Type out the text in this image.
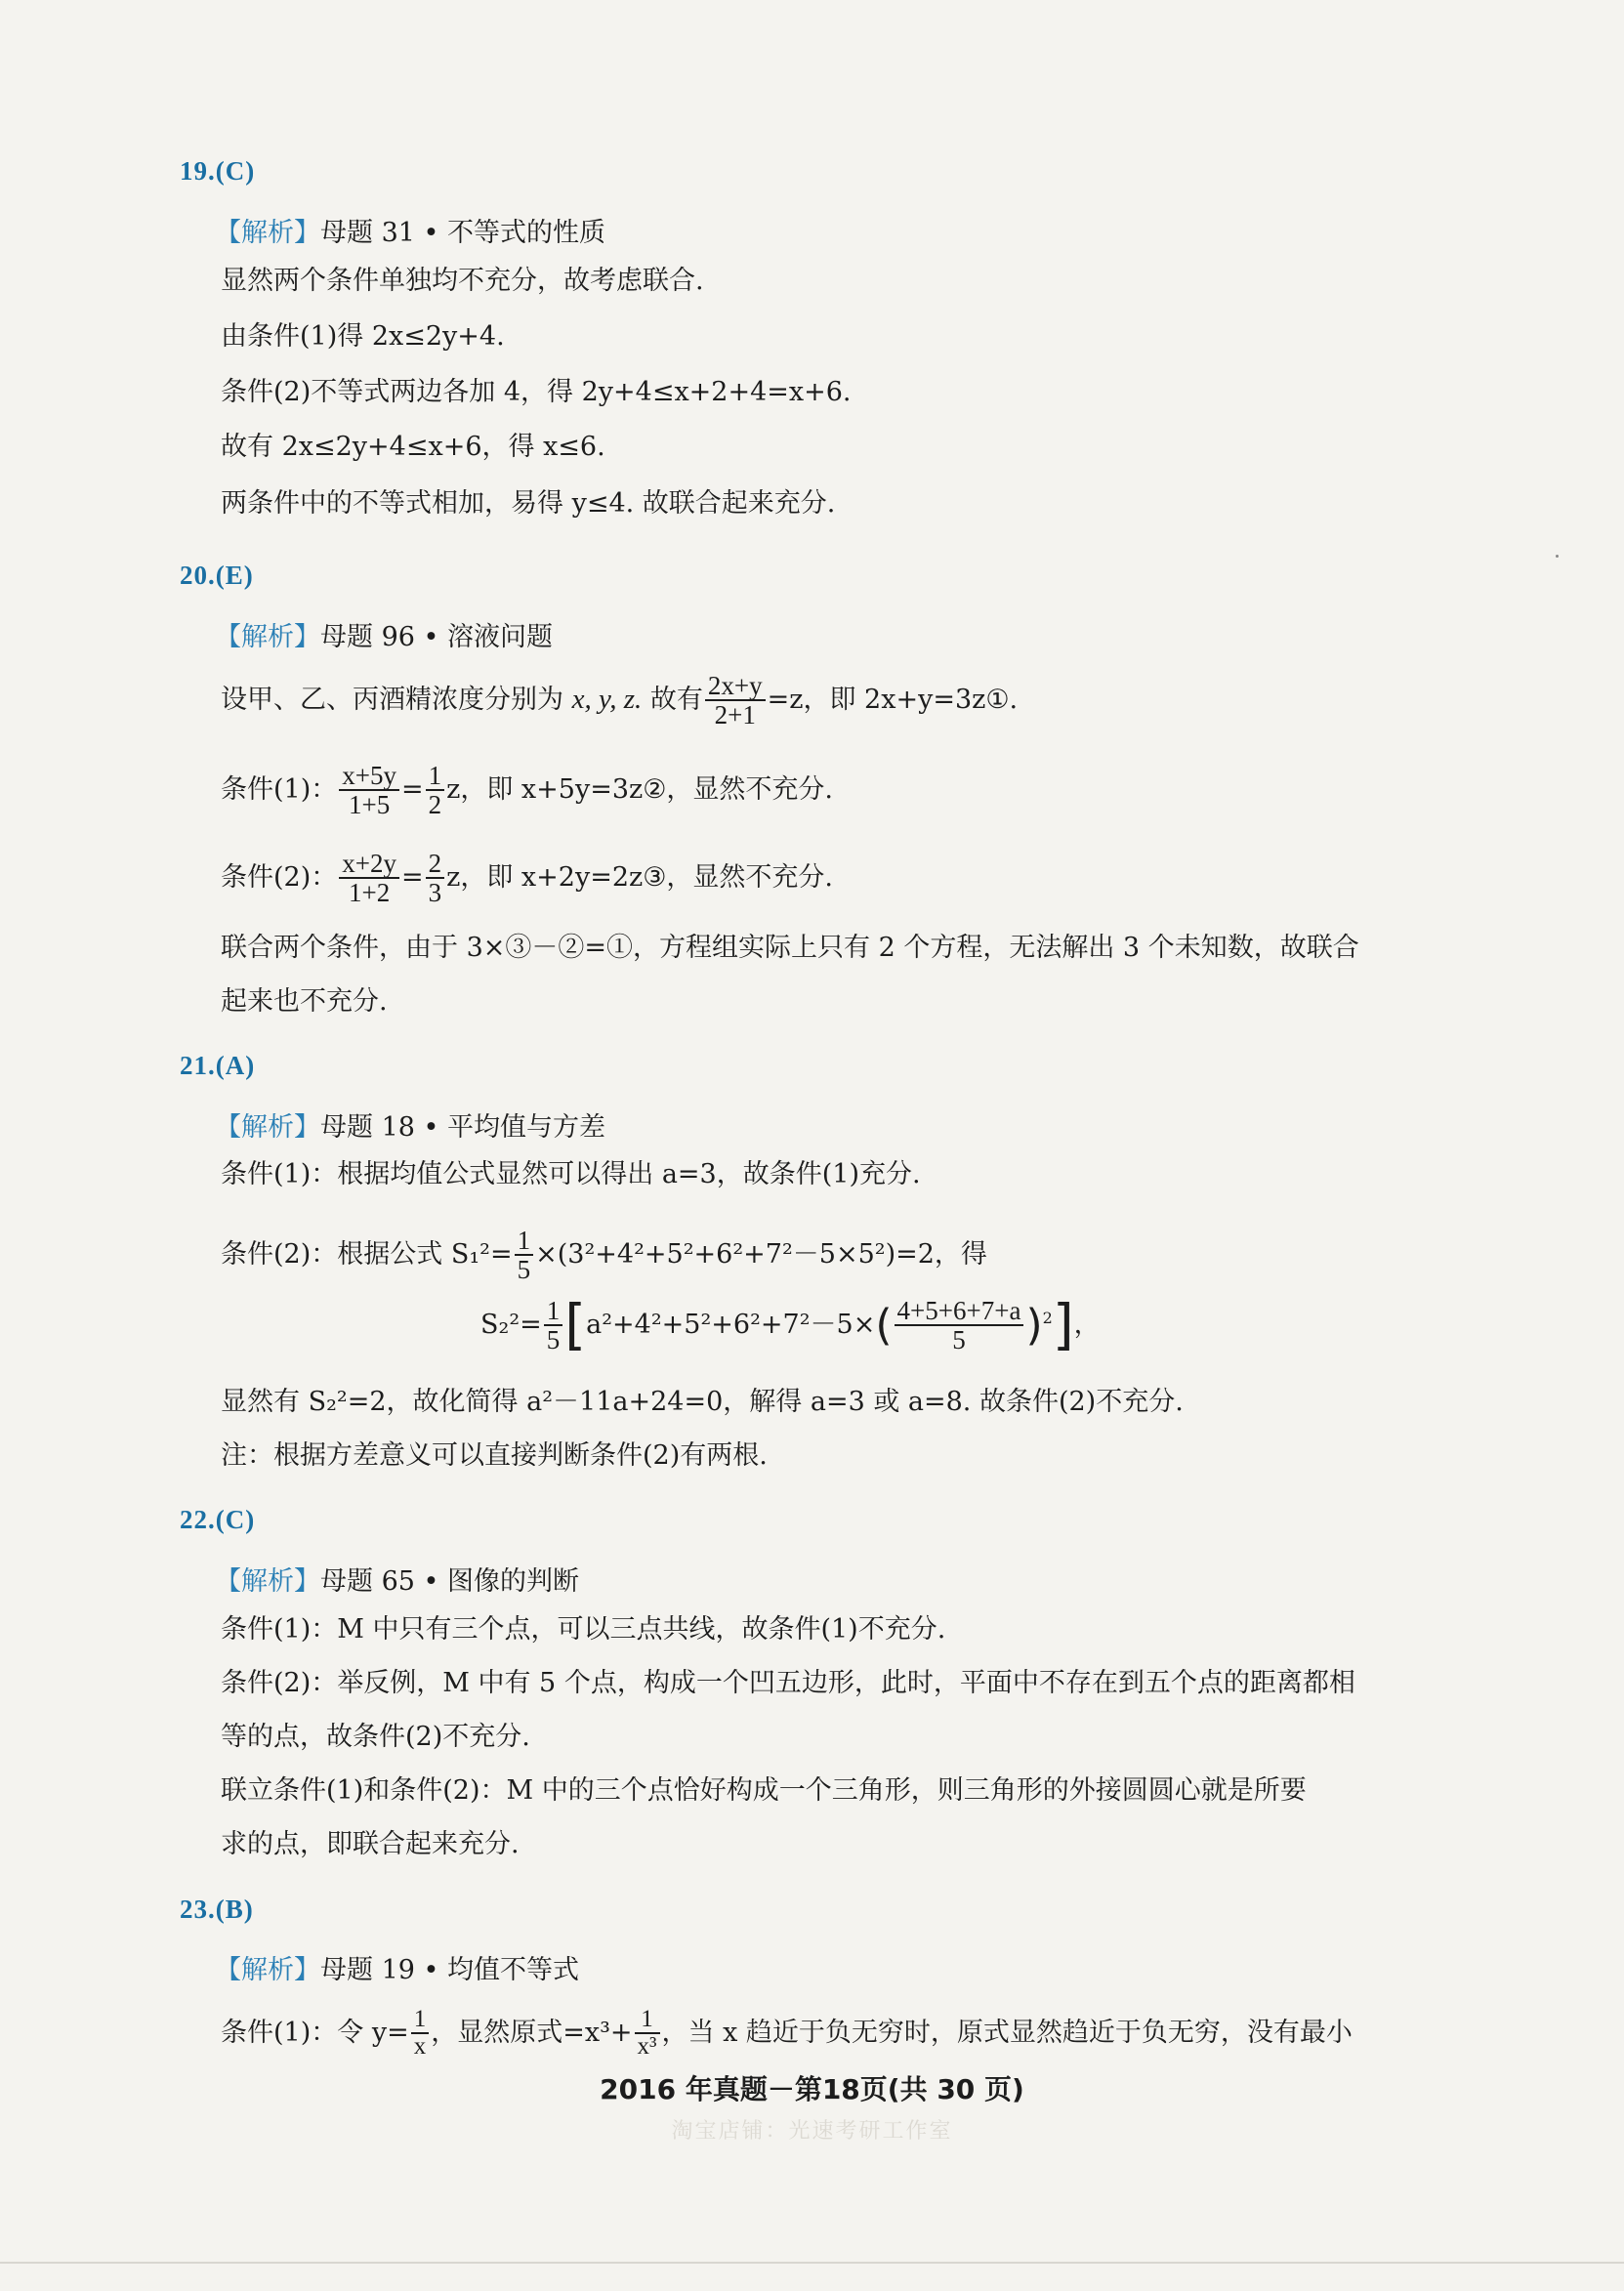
19.(C)
【解析】母题 31 • 不等式的性质
显然两个条件单独均不充分，故考虑联合.
由条件(1)得 2x≤2y+4.
条件(2)不等式两边各加 4，得 2y+4≤x+2+4=x+6.
故有 2x≤2y+4≤x+6，得 x≤6.
两条件中的不等式相加，易得 y≤4. 故联合起来充分.
20.(E)
【解析】母题 96 • 溶液问题
设甲、乙、丙酒精浓度分别为 x, y, z. 故有 $\frac{2x+y}{2+1} =z$，即 2x+y=3z①.
条件(1)： $\frac{x+5y}{1+5} = \frac{1}{2}$ z，即 x+5y=3z②，显然不充分.
条件(2)： $\frac{x+2y}{1+2} = \frac{2}{3}$ z，即 x+2y=2z③，显然不充分.
联合两个条件，由于 3×③－②=①，方程组实际上只有 2 个方程，无法解出 3 个未知数，故联合
起来也不充分.
21.(A)
【解析】母题 18 • 平均值与方差
条件(1)：根据均值公式显然可以得出 a=3，故条件(1)充分.
条件(2)：根据公式 $S_1^2= \frac{1}{5} \times(3^2+4^2+5^2+6^2+7^2-5\times 5^2)=2$，得
$S_2^2= \frac{1}{5} [a^2+4^2+5^2+6^2+7^2-5\times( \frac{4+5+6+7+a}{5} )^2]$，
显然有 S₂²=2，故化简得 a²－11a+24=0，解得 a=3 或 a=8. 故条件(2)不充分.
注：根据方差意义可以直接判断条件(2)有两根.
22.(C)
【解析】母题 65 • 图像的判断
条件(1)：M 中只有三个点，可以三点共线，故条件(1)不充分.
条件(2)：举反例，M 中有 5 个点，构成一个凹五边形，此时，平面中不存在到五个点的距离都相
等的点，故条件(2)不充分.
联立条件(1)和条件(2)：M 中的三个点恰好构成一个三角形，则三角形的外接圆圆心就是所要
求的点，即联合起来充分.
23.(B)
【解析】母题 19 • 均值不等式
条件(1)：令 $y= \frac{1}{x}$ ，显然原式$=x^3+ \frac{1}{\text{x³}}$ ，当 x 趋近于负无穷时，原式显然趋近于负无穷，没有最小
2016 年真题－第18页(共 30 页)
淘宝店铺：光速考研工作室
